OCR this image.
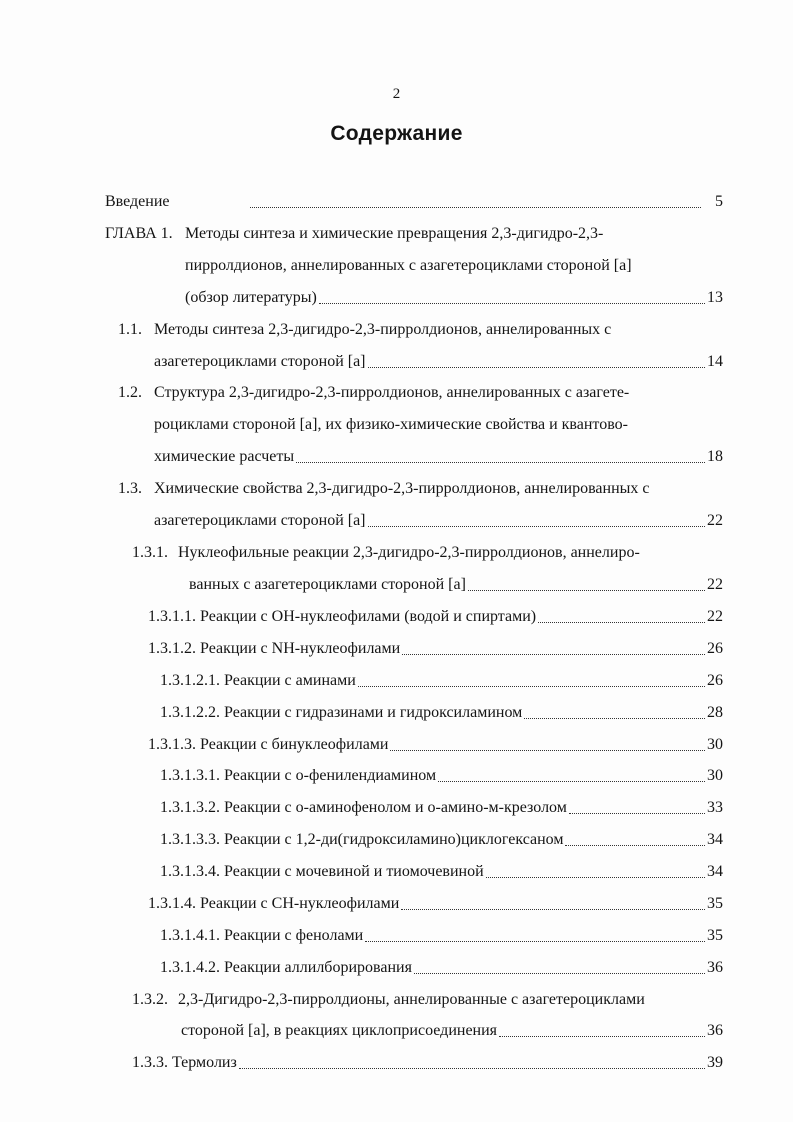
2
Содержание
Введение	5
ГЛАВА 1. Методы синтеза и химические превращения 2,3-дигидро-2,3-
пирролдионов, аннелированных с азагетероциклами стороной [a]
(обзор литературы)	13
1.1. Методы синтеза 2,3-дигидро-2,3-пирролдионов, аннелированных с
азагетероциклами стороной [a]	14
1.2. Структура 2,3-дигидро-2,3-пирролдионов, аннелированных с азагете-
роциклами стороной [a], их физико-химические свойства и квантово-
химические расчеты	18
1.3. Химические свойства 2,3-дигидро-2,3-пирролдионов, аннелированных с
азагетероциклами стороной [a]	22
1.3.1. Нуклеофильные реакции 2,3-дигидро-2,3-пирролдионов, аннелиро-
ванных с азагетероциклами стороной [a]	22
1.3.1.1. Реакции с ОН-нуклеофилами (водой и спиртами)	22
1.3.1.2. Реакции с NH-нуклеофилами	26
1.3.1.2.1. Реакции с аминами	26
1.3.1.2.2. Реакции с гидразинами и гидроксиламином	28
1.3.1.3. Реакции с бинуклеофилами	30
1.3.1.3.1. Реакции с о-фенилендиамином	30
1.3.1.3.2. Реакции с о-аминофенолом и о-амино-м-крезолом	33
1.3.1.3.3. Реакции с 1,2-ди(гидроксиламино)циклогексаном	34
1.3.1.3.4. Реакции с мочевиной и тиомочевиной	34
1.3.1.4. Реакции с СН-нуклеофилами	35
1.3.1.4.1. Реакции с фенолами	35
1.3.1.4.2. Реакции аллилборирования	36
1.3.2. 2,3-Дигидро-2,3-пирролдионы, аннелированные с азагетероциклами
стороной [a], в реакциях циклоприсоединения	36
1.3.3. Термолиз	39
